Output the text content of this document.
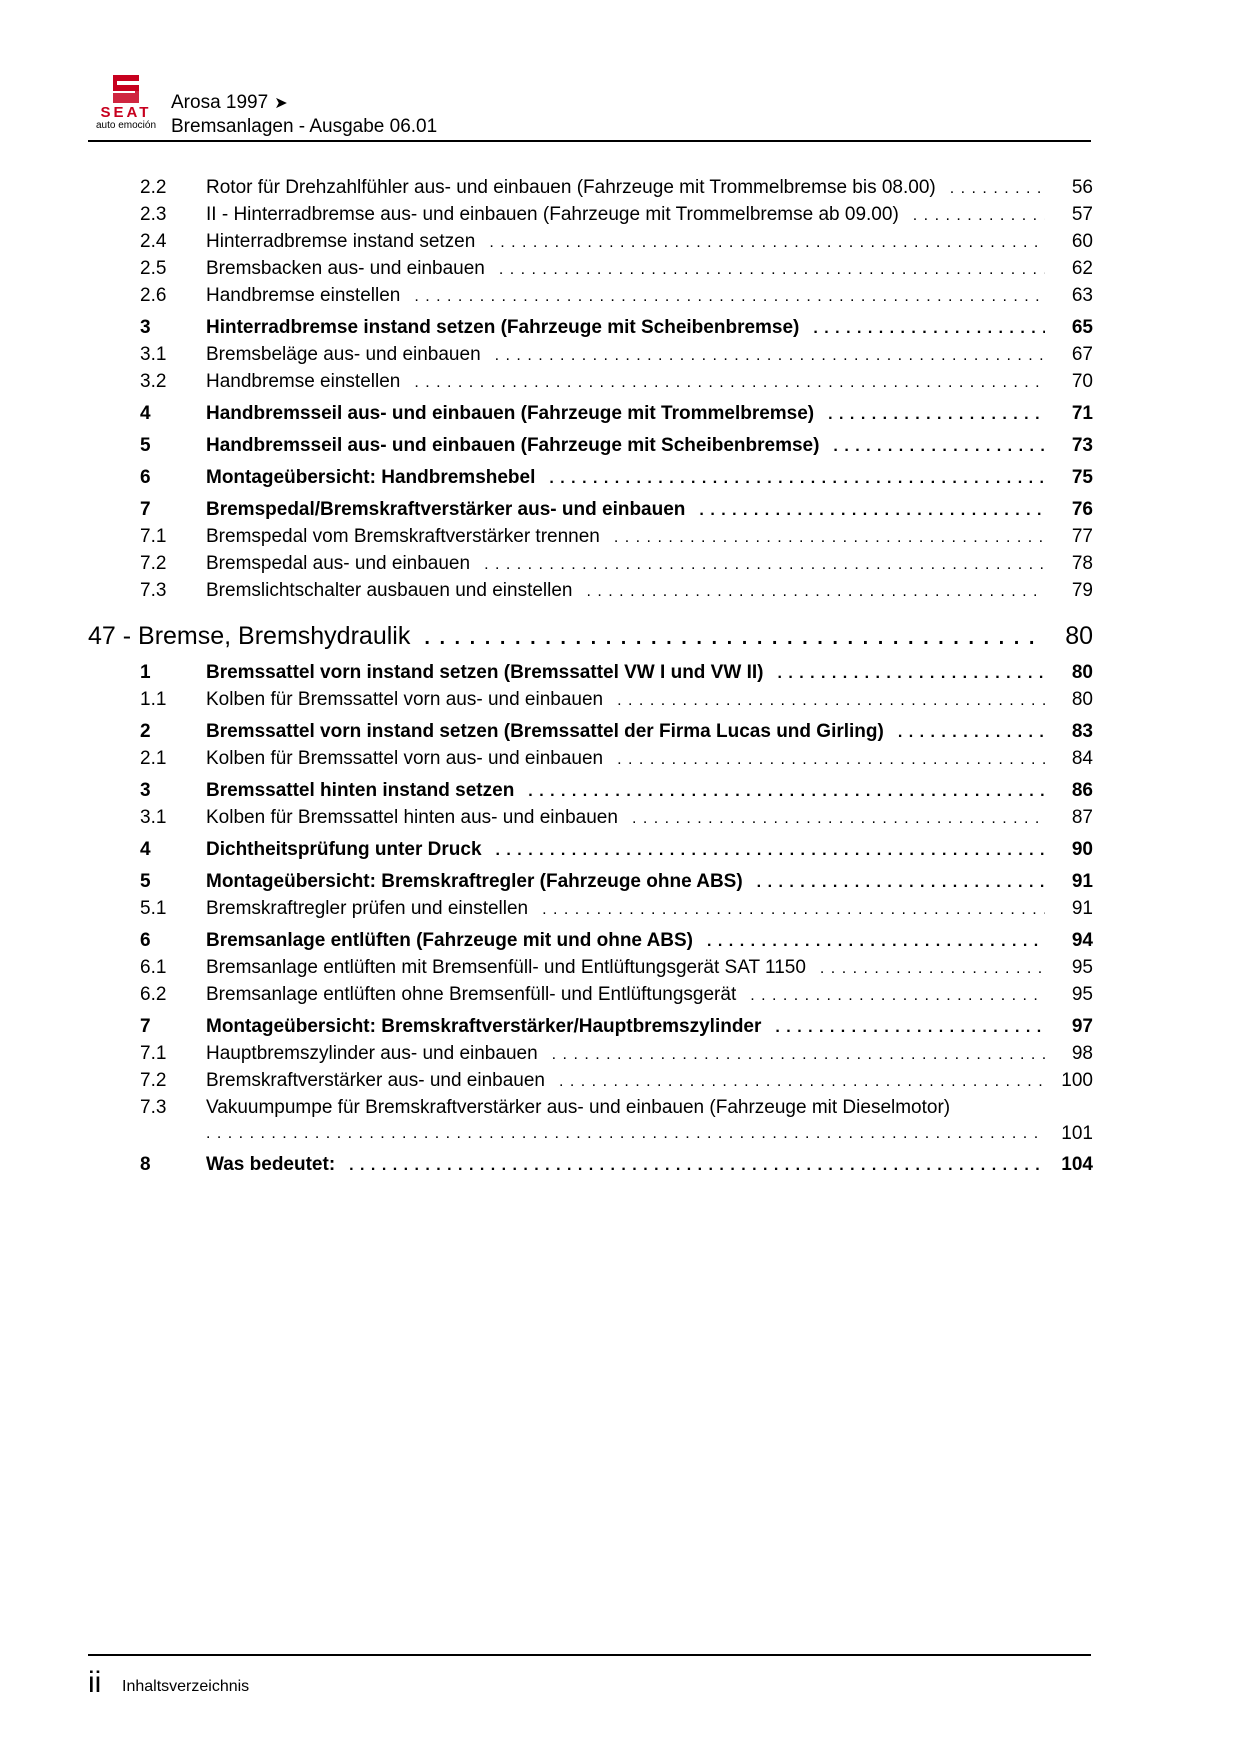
SEAT
auto emoción
Arosa 1997 ➤
Bremsanlagen - Ausgabe 06.01
2.2	Rotor für Drehzahlfühler aus- und einbauen (Fahrzeuge mit Trommelbremse bis 08.00) . . .	56
2.3	II - Hinterradbremse aus- und einbauen (Fahrzeuge mit Trommelbremse ab 09.00) . . .	57
2.4	Hinterradbremse instand setzen . . .	60
2.5	Bremsbacken aus- und einbauen . . .	62
2.6	Handbremse einstellen . . .	63
3	Hinterradbremse instand setzen (Fahrzeuge mit Scheibenbremse) . . .	65
3.1	Bremsbeläge aus- und einbauen . . .	67
3.2	Handbremse einstellen . . .	70
4	Handbremsseil aus- und einbauen (Fahrzeuge mit Trommelbremse) . . .	71
5	Handbremsseil aus- und einbauen (Fahrzeuge mit Scheibenbremse) . . .	73
6	Montageübersicht: Handbremshebel . . .	75
7	Bremspedal/Bremskraftverstärker aus- und einbauen . . .	76
7.1	Bremspedal vom Bremskraftverstärker trennen . . .	77
7.2	Bremspedal aus- und einbauen . . .	78
7.3	Bremslichtschalter ausbauen und einstellen . . .	79
47 - Bremse, Bremshydraulik . . .	80
1	Bremssattel vorn instand setzen (Bremssattel VW I und VW II) . . .	80
1.1	Kolben für Bremssattel vorn aus- und einbauen . . .	80
2	Bremssattel vorn instand setzen (Bremssattel der Firma Lucas und Girling) . . .	83
2.1	Kolben für Bremssattel vorn aus- und einbauen . . .	84
3	Bremssattel hinten instand setzen . . .	86
3.1	Kolben für Bremssattel hinten aus- und einbauen . . .	87
4	Dichtheitsprüfung unter Druck . . .	90
5	Montageübersicht: Bremskraftregler (Fahrzeuge ohne ABS) . . .	91
5.1	Bremskraftregler prüfen und einstellen . . .	91
6	Bremsanlage entlüften (Fahrzeuge mit und ohne ABS) . . .	94
6.1	Bremsanlage entlüften mit Bremsenfüll- und Entlüftungsgerät SAT 1150 . . .	95
6.2	Bremsanlage entlüften ohne Bremsenfüll- und Entlüftungsgerät . . .	95
7	Montageübersicht: Bremskraftverstärker/Hauptbremszylinder . . .	97
7.1	Hauptbremszylinder aus- und einbauen . . .	98
7.2	Bremskraftverstärker aus- und einbauen . . .	100
7.3	Vakuumpumpe für Bremskraftverstärker aus- und einbauen (Fahrzeuge mit Dieselmotor)
. . .
101
8	Was bedeutet: . . .	104
ii Inhaltsverzeichnis
